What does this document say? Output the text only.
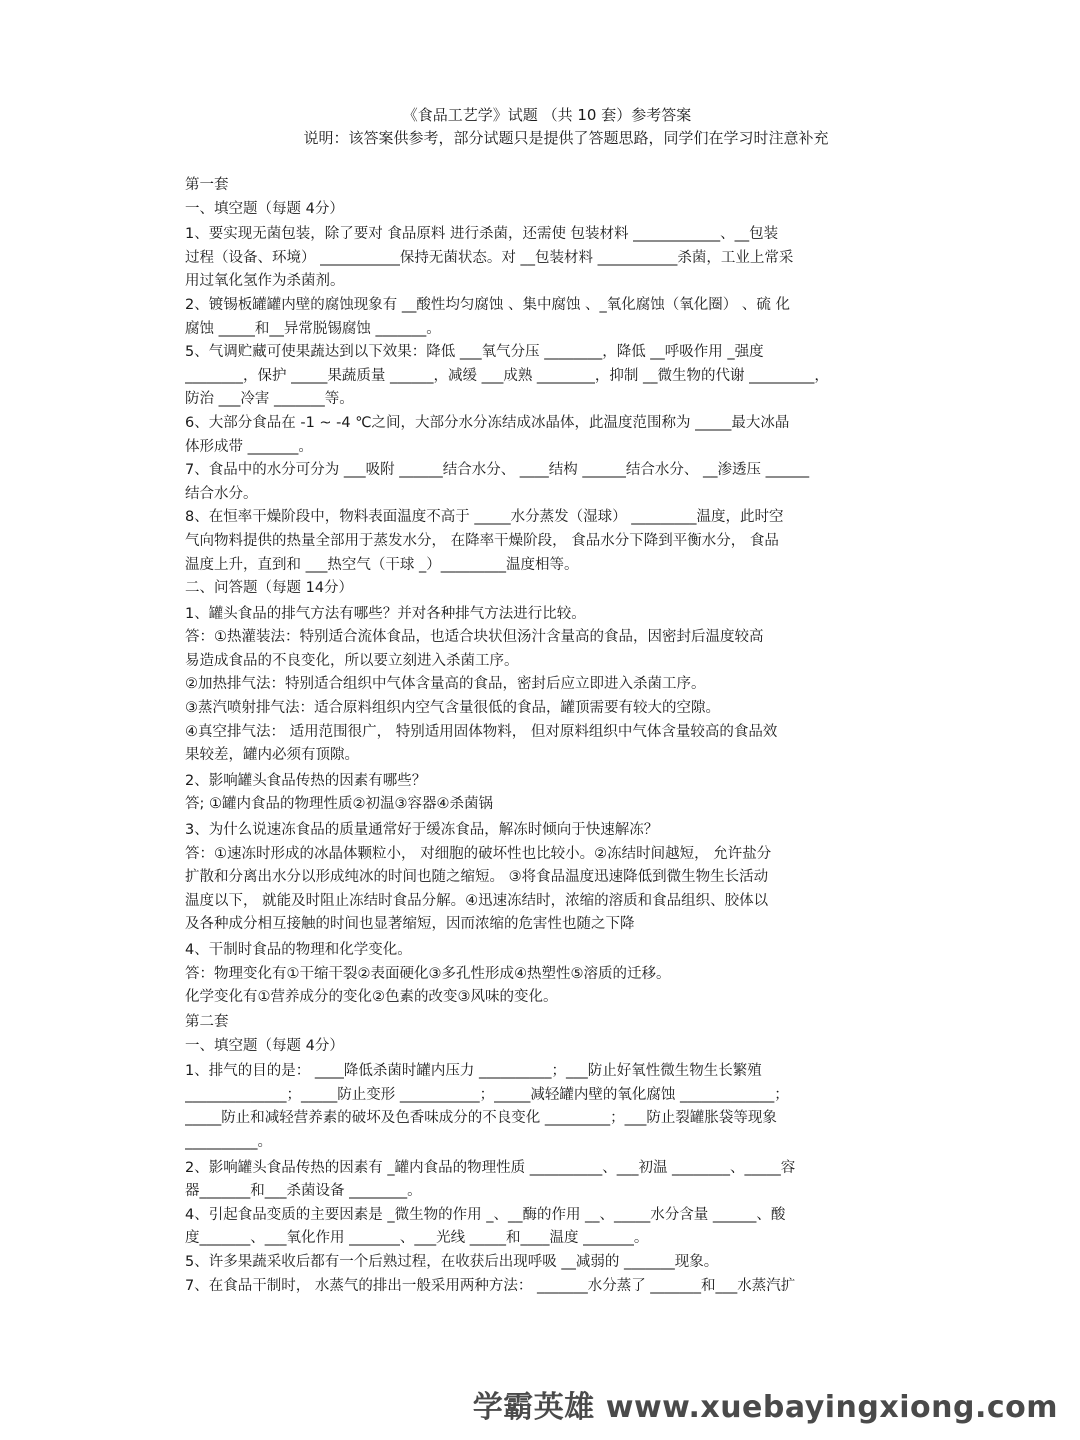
《食品工艺学》试题 （共 10 套）参考答案
说明：该答案供参考，部分试题只是提供了答题思路，同学们在学习时注意补充

第一套

一、填空题（每题 4分）

1、要实现无菌包装，除了要对 食品原料 进行杀菌，还需使 包装材料 ____________、__包装

过程（设备、环境） ___________保持无菌状态。对 __包装材料 ___________杀菌，工业上常采

用过氧化氢作为杀菌剂。

2、镀锡板罐罐内壁的腐蚀现象有 __酸性均匀腐蚀 、集中腐蚀 、_氧化腐蚀（氧化圈） 、硫 化

腐蚀 _____和__异常脱锡腐蚀 _______。

5、气调贮藏可使果蔬达到以下效果：降低 ___氧气分压 ________，降低 __呼吸作用 _强度

________，保护 _____果蔬质量 ______，减缓 ___成熟 ________，抑制 __微生物的代谢 _________，

防治 ___冷害 _______等。

6、大部分食品在 -1 ~ -4 ℃之间，大部分水分冻结成冰晶体，此温度范围称为 _____最大冰晶

体形成带 _______。

7、食品中的水分可分为 ___吸附 ______结合水分、 ____结构 ______结合水分、 __渗透压 ______

结合水分。

8、在恒率干燥阶段中，物料表面温度不高于 _____水分蒸发（湿球） _________温度，此时空

气向物料提供的热量全部用于蒸发水分， 在降率干燥阶段， 食品水分下降到平衡水分， 食品

温度上升，直到和 ___热空气（干球 _）_________温度相等。

二、问答题（每题 14分）

1、罐头食品的排气方法有哪些？并对各种排气方法进行比较。

答：①热灌装法：特别适合流体食品，也适合块状但汤汁含量高的食品，因密封后温度较高

易造成食品的不良变化，所以要立刻进入杀菌工序。

②加热排气法：特别适合组织中气体含量高的食品，密封后应立即进入杀菌工序。

③蒸汽喷射排气法：适合原料组织内空气含量很低的食品，罐顶需要有较大的空隙。

④真空排气法： 适用范围很广， 特别适用固体物料， 但对原料组织中气体含量较高的食品效

果较差，罐内必须有顶隙。

2、影响罐头食品传热的因素有哪些？

答; ①罐内食品的物理性质②初温③容器④杀菌锅

3、为什么说速冻食品的质量通常好于缓冻食品，解冻时倾向于快速解冻？

答：①速冻时形成的冰晶体颗粒小， 对细胞的破坏性也比较小。②冻结时间越短， 允许盐分

扩散和分离出水分以形成纯冰的时间也随之缩短。 ③将食品温度迅速降低到微生物生长活动

温度以下， 就能及时阻止冻结时食品分解。④迅速冻结时，浓缩的溶质和食品组织、胶体以

及各种成分相互接触的时间也显著缩短，因而浓缩的危害性也随之下降

4、干制时食品的物理和化学变化。

答：物理变化有①干缩干裂②表面硬化③多孔性形成④热塑性⑤溶质的迁移。

化学变化有①营养成分的变化②色素的改变③风味的变化。

第二套

一、填空题（每题 4分）

1、排气的目的是： ____降低杀菌时罐内压力 __________；___防止好氧性微生物生长繁殖

______________；_____防止变形 ___________；_____减轻罐内壁的氧化腐蚀 _____________；

_____防止和减轻营养素的破坏及色香味成分的不良变化 _________；___防止裂罐胀袋等现象

__________。

2、影响罐头食品传热的因素有 _罐内食品的物理性质 __________、___初温 ________、_____容

器_______和___杀菌设备 ________。

4、引起食品变质的主要因素是 _微生物的作用 _、__酶的作用 __、_____水分含量 ______、酸

度_______、___氧化作用 _______、___光线 _____和____温度 _______。

5、许多果蔬采收后都有一个后熟过程，在收获后出现呼吸 __减弱的 _______现象。

7、在食品干制时， 水蒸气的排出一般采用两种方法： _______水分蒸了 _______和___水蒸汽扩

学霸英雄 www.xuebayingxiong.com
